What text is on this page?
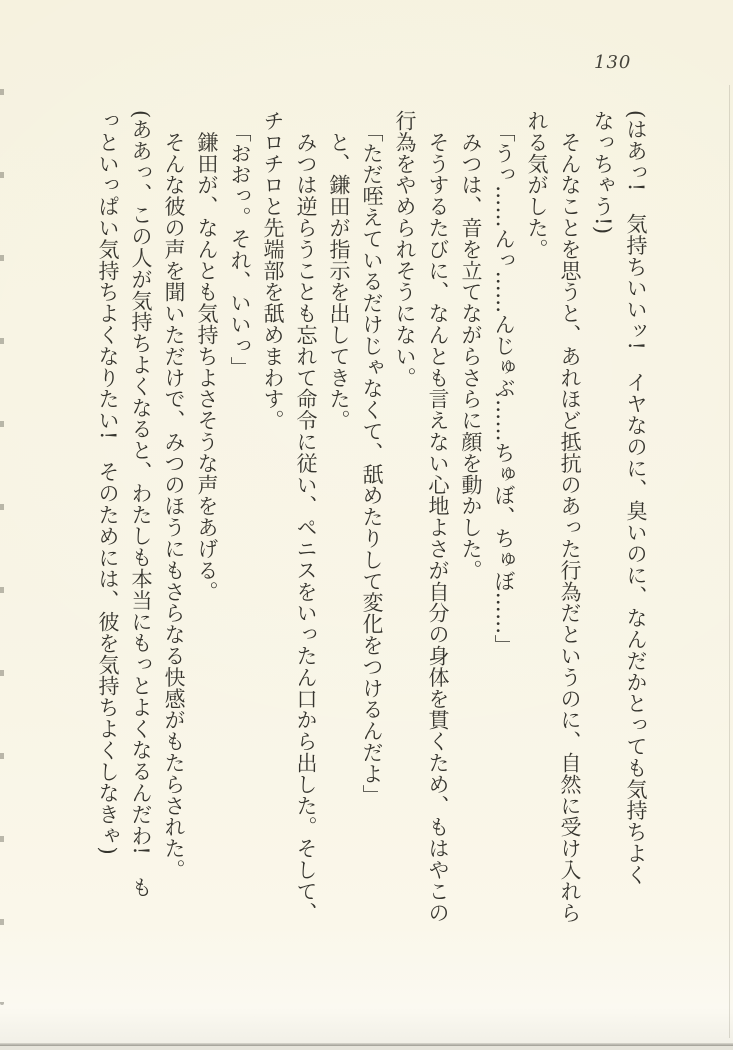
130

(はあっ!　気持ちいいッ!　イヤなのに、臭いのに、なんだかとっても気持ちよく

なっちゃう!)

　そんなことを思うと、あれほど抵抗のあった行為だというのに、自然に受け入れら

れる気がした。

　「うっ……んっ……んじゅぶ……ちゅぼ、ちゅぼ……」

　みつは、音を立てながらさらに顔を動かした。

　そうするたびに、なんとも言えない心地よさが自分の身体を貫くため、もはやこの

行為をやめられそうにない。

　「ただ咥えているだけじゃなくて、舐めたりして変化をつけるんだよ」

　と、鎌田が指示を出してきた。

　みつは逆らうことも忘れて命令に従い、ペニスをいったん口から出した。そして、

チロチロと先端部を舐めまわす。

　「おおっ。それ、いいっ」

　鎌田が、なんとも気持ちよさそうな声をあげる。

　そんな彼の声を聞いただけで、みつのほうにもさらなる快感がもたらされた。

(ああっ、この人が気持ちよくなると、わたしも本当にもっとよくなるんだわ!　も

っといっぱい気持ちよくなりたい!　そのためには、彼を気持ちよくしなきゃ)
